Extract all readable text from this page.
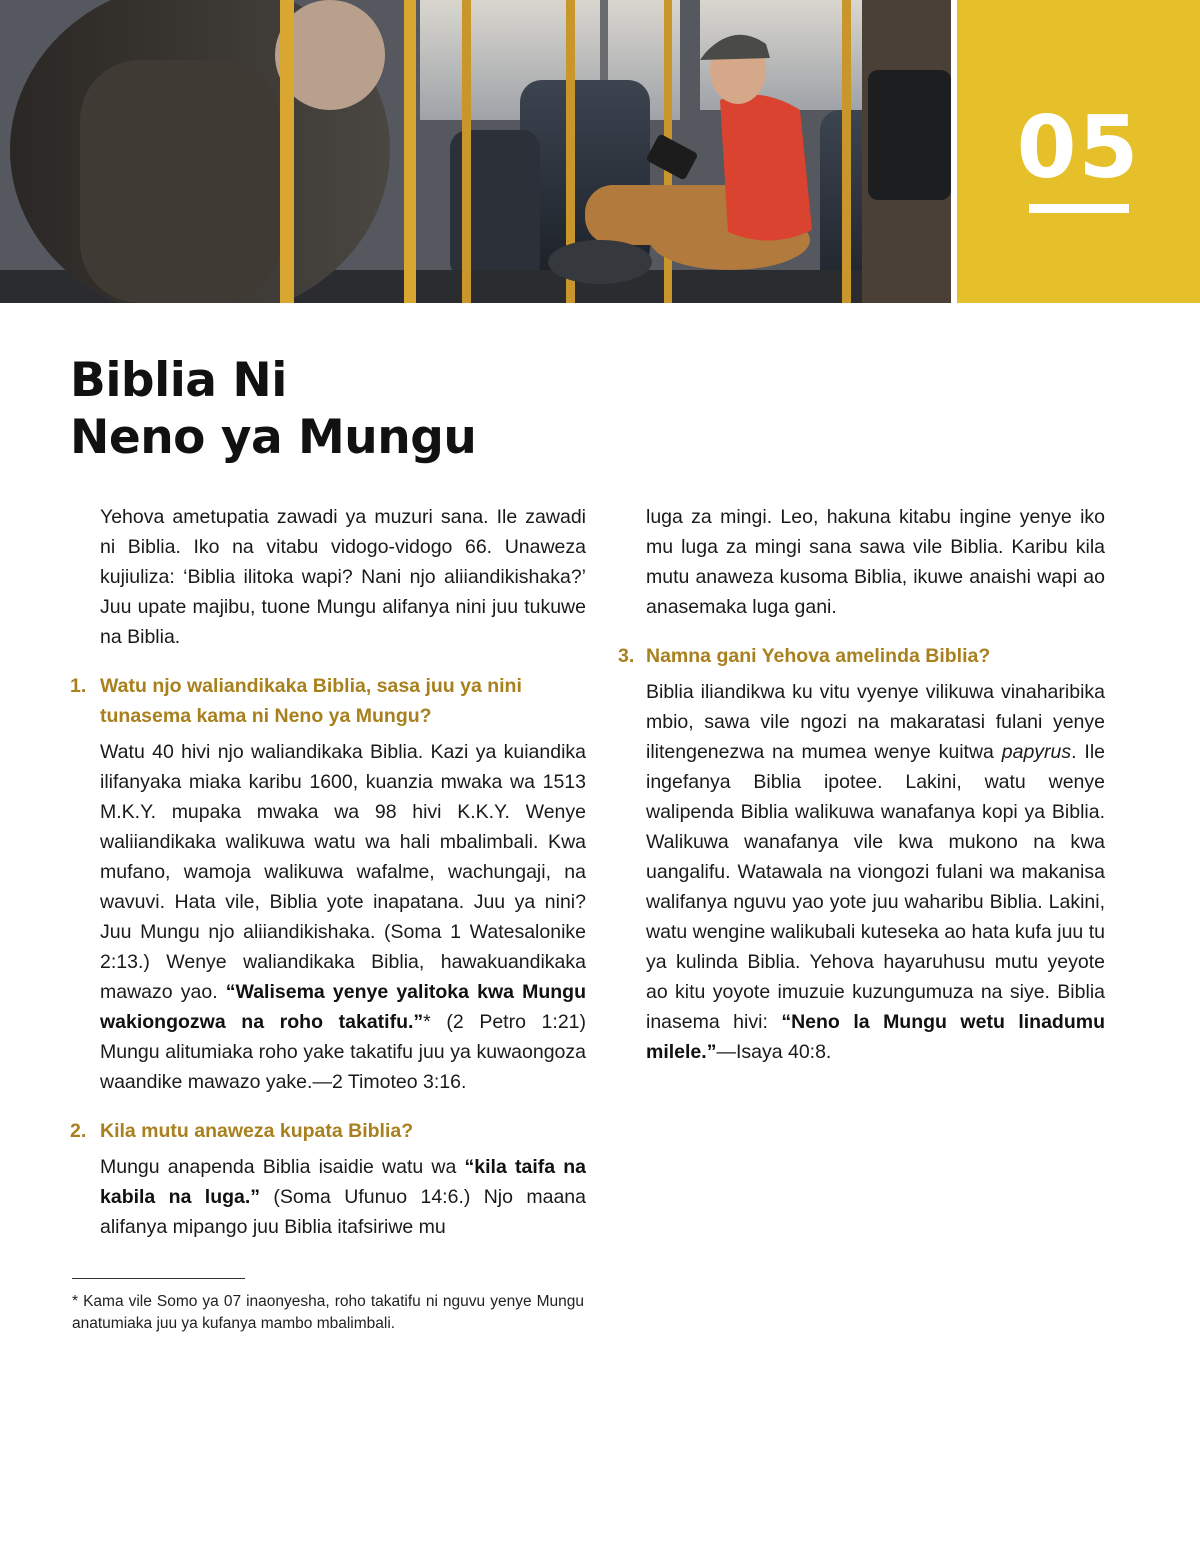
05
Biblia Ni
Neno ya Mungu

Yehova ametupatia zawadi ya muzuri sana. Ile zawadi ni Biblia. Iko na vitabu vidogo-vidogo 66. Unaweza kujiuliza: ‘Biblia ilitoka wapi? Nani njo aliiandikishaka?’ Juu upate majibu, tuone Mungu alifanya nini juu tukuwe na Biblia.

1. Watu njo waliandikaka Biblia, sasa juu ya nini tunasema kama ni Neno ya Mungu?

Watu 40 hivi njo waliandikaka Biblia. Kazi ya kuiandika ilifanyaka miaka karibu 1600, kuanzia mwaka wa 1513 M.K.Y. mupaka mwaka wa 98 hivi K.K.Y. Wenye waliiandikaka walikuwa watu wa hali mbalimbali. Kwa mufano, wamoja walikuwa wafalme, wachungaji, na wavuvi. Hata vile, Biblia yote inapatana. Juu ya nini? Juu Mungu njo aliiandikishaka. (Soma 1 Watesalonike 2:13.) Wenye waliandikaka Biblia, hawakuandikaka mawazo yao. “Walisema yenye yalitoka kwa Mungu wakiongozwa na roho takatifu.”* (2 Petro 1:21) Mungu alitumiaka roho yake takatifu juu ya kuwaongoza waandike mawazo yake.—2 Timoteo 3:16.

2. Kila mutu anaweza kupata Biblia?

Mungu anapenda Biblia isaidie watu wa “kila taifa na kabila na luga.” (Soma Ufunuo 14:6.) Njo maana alifanya mipango juu Biblia itafsiriwe mu

* Kama vile Somo ya 07 inaonyesha, roho takatifu ni nguvu yenye Mungu anatumiaka juu ya kufanya mambo mbalimbali.

luga za mingi. Leo, hakuna kitabu ingine yenye iko mu luga za mingi sana sawa vile Biblia. Karibu kila mutu anaweza kusoma Biblia, ikuwe anaishi wapi ao anasemaka luga gani.

3. Namna gani Yehova amelinda Biblia?

Biblia iliandikwa ku vitu vyenye vilikuwa vinaharibika mbio, sawa vile ngozi na makaratasi fulani yenye ilitengenezwa na mumea wenye kuitwa papyrus. Ile ingefanya Biblia ipotee. Lakini, watu wenye walipenda Biblia walikuwa wanafanya kopi ya Biblia. Walikuwa wanafanya vile kwa mukono na kwa uangalifu. Watawala na viongozi fulani wa makanisa walifanya nguvu yao yote juu waharibu Biblia. Lakini, watu wengine walikubali kuteseka ao hata kufa juu tu ya kulinda Biblia. Yehova hayaruhusu mutu yeyote ao kitu yoyote imuzuie kuzungumuza na siye. Biblia inasema hivi: “Neno la Mungu wetu linadumu milele.”—Isaya 40:8.
